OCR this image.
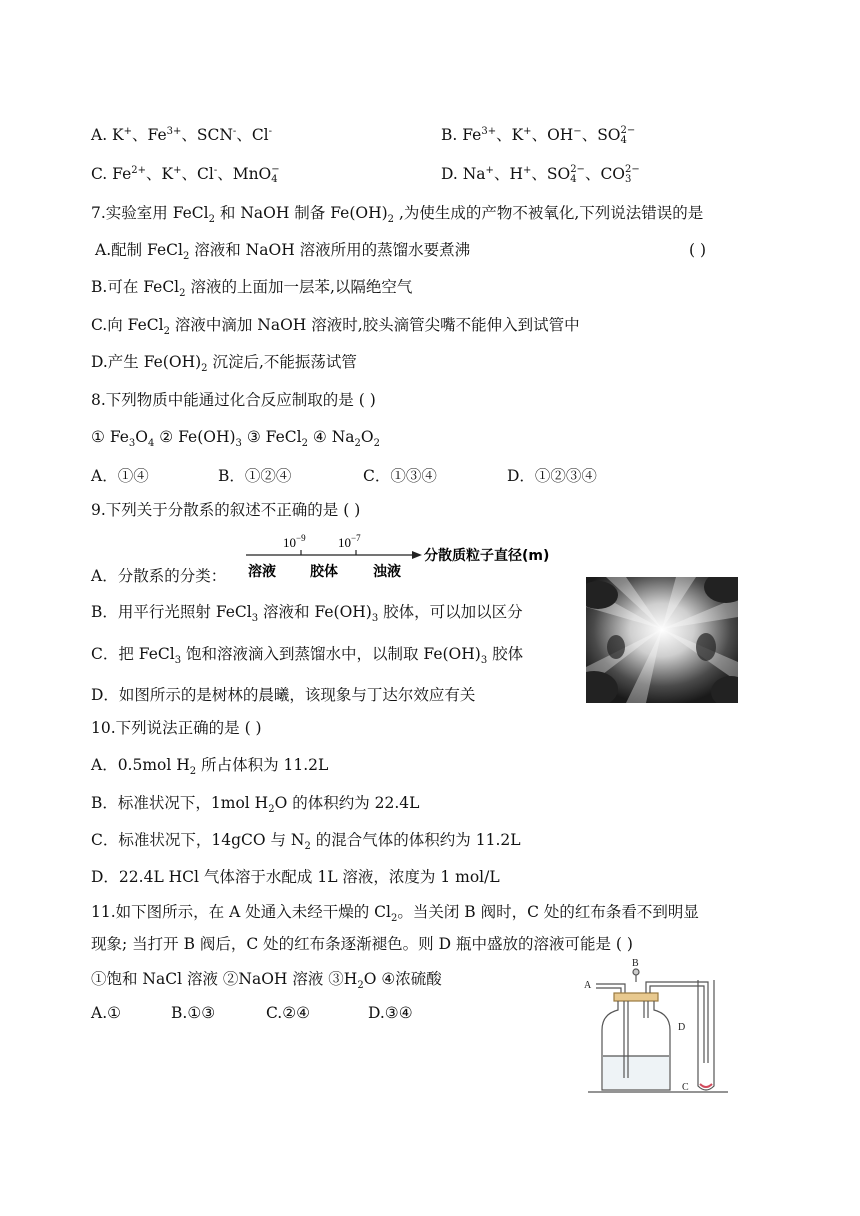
A. K+、$Fe^{3+}$、SCN-、Cl-	B. $Fe^{3+}$、K+、OH−、SO 2−
4
C. $Fe^{2+}$、K+、Cl-、MnO −
4	D. Na+、H+、SO 2−
4 、CO 2−
3
7.实验室用 FeCl$_2$ 和 NaOH 制备 $Fe(OH)_2$ ,为使生成的产物不被氧化,下列说法错误的是
A.配制 FeCl$_2$ 溶液和 NaOH 溶液所用的蒸馏水要煮沸	( )
B.可在 FeCl$_2$ 溶液的上面加一层苯,以隔绝空气
C.向 FeCl$_2$ 溶液中滴加 NaOH 溶液时,胶头滴管尖嘴不能伸入到试管中
D.产生 $Fe(OH)_2$ 沉淀后,不能振荡试管
8.下列物质中能通过化合反应制取的是 ( )
① $Fe_3O_4$ ② $Fe(OH)_3$ ③ FeCl$_2$ ④ $Na_2O_2$
A．①④	B．①②④	C．①③④	D．①②③④
9.下列关于分散系的叙述不正确的是 ( )
A．分散系的分类：
$10^{-9}$ $10^{-7}$
溶液 胶体	浊液
分散质粒子直径(m)
B．用平行光照射 FeCl$_3$ 溶液和 $Fe(OH)_3$ 胶体，可以加以区分
C．把 FeCl$_3$ 饱和溶液滴入到蒸馏水中，以制取 $Fe(OH)_3$ 胶体
D．如图所示的是树林的晨曦，该现象与丁达尔效应有关
10.下列说法正确的是 ( )
A．0.5mol $H_2$ 所占体积为 11.2L
B．标准状况下，1mol $H_2O$ 的体积约为 22.4L
C．标准状况下，14gCO 与 $N_2$ 的混合气体的体积约为 11.2L
D．22.4L HCl 气体溶于水配成 1L 溶液，浓度为 1 mol/L
11.如下图所示，在 A 处通入未经干燥的 $Cl_2$。当关闭 B 阀时，C 处的红布条看不到明显
现象; 当打开 B 阀后，C 处的红布条逐渐褪色。则 D 瓶中盛放的溶液可能是 ( )
①饱和 NaCl 溶液 ②NaOH 溶液 $③H_2O$ ④浓硫酸
A.①	B.①③	C.②④	D.③④
A
B
D
C
